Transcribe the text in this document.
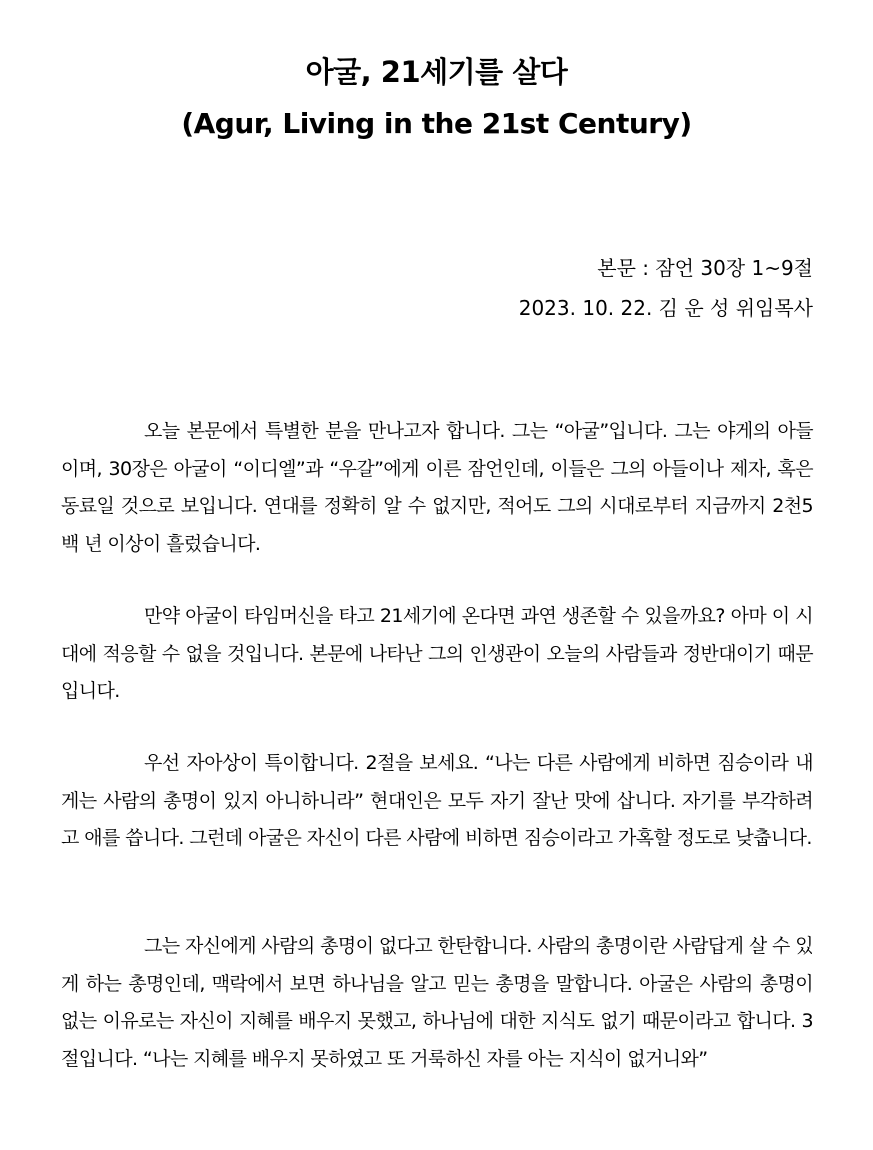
아굴, 21세기를 살다
(Agur, Living in the 21st Century)
본문 : 잠언 30장 1~9절
2023. 10. 22. 김 운 성 위임목사

오늘 본문에서 특별한 분을 만나고자 합니다. 그는 “아굴”입니다. 그는 야게의 아들이며, 30장은 아굴이 “이디엘”과 “우갈”에게 이른 잠언인데, 이들은 그의 아들이나 제자, 혹은 동료일 것으로 보입니다. 연대를 정확히 알 수 없지만, 적어도 그의 시대로부터 지금까지 2천5백 년 이상이 흘렀습니다.

만약 아굴이 타임머신을 타고 21세기에 온다면 과연 생존할 수 있을까요? 아마 이 시대에 적응할 수 없을 것입니다. 본문에 나타난 그의 인생관이 오늘의 사람들과 정반대이기 때문입니다.

우선 자아상이 특이합니다. 2절을 보세요. “나는 다른 사람에게 비하면 짐승이라 내게는 사람의 총명이 있지 아니하니라” 현대인은 모두 자기 잘난 맛에 삽니다. 자기를 부각하려고 애를 씁니다. 그런데 아굴은 자신이 다른 사람에 비하면 짐승이라고 가혹할 정도로 낮춥니다.

그는 자신에게 사람의 총명이 없다고 한탄합니다. 사람의 총명이란 사람답게 살 수 있게 하는 총명인데, 맥락에서 보면 하나님을 알고 믿는 총명을 말합니다. 아굴은 사람의 총명이 없는 이유로는 자신이 지혜를 배우지 못했고, 하나님에 대한 지식도 없기 때문이라고 합니다. 3절입니다. “나는 지혜를 배우지 못하였고 또 거룩하신 자를 아는 지식이 없거니와”
